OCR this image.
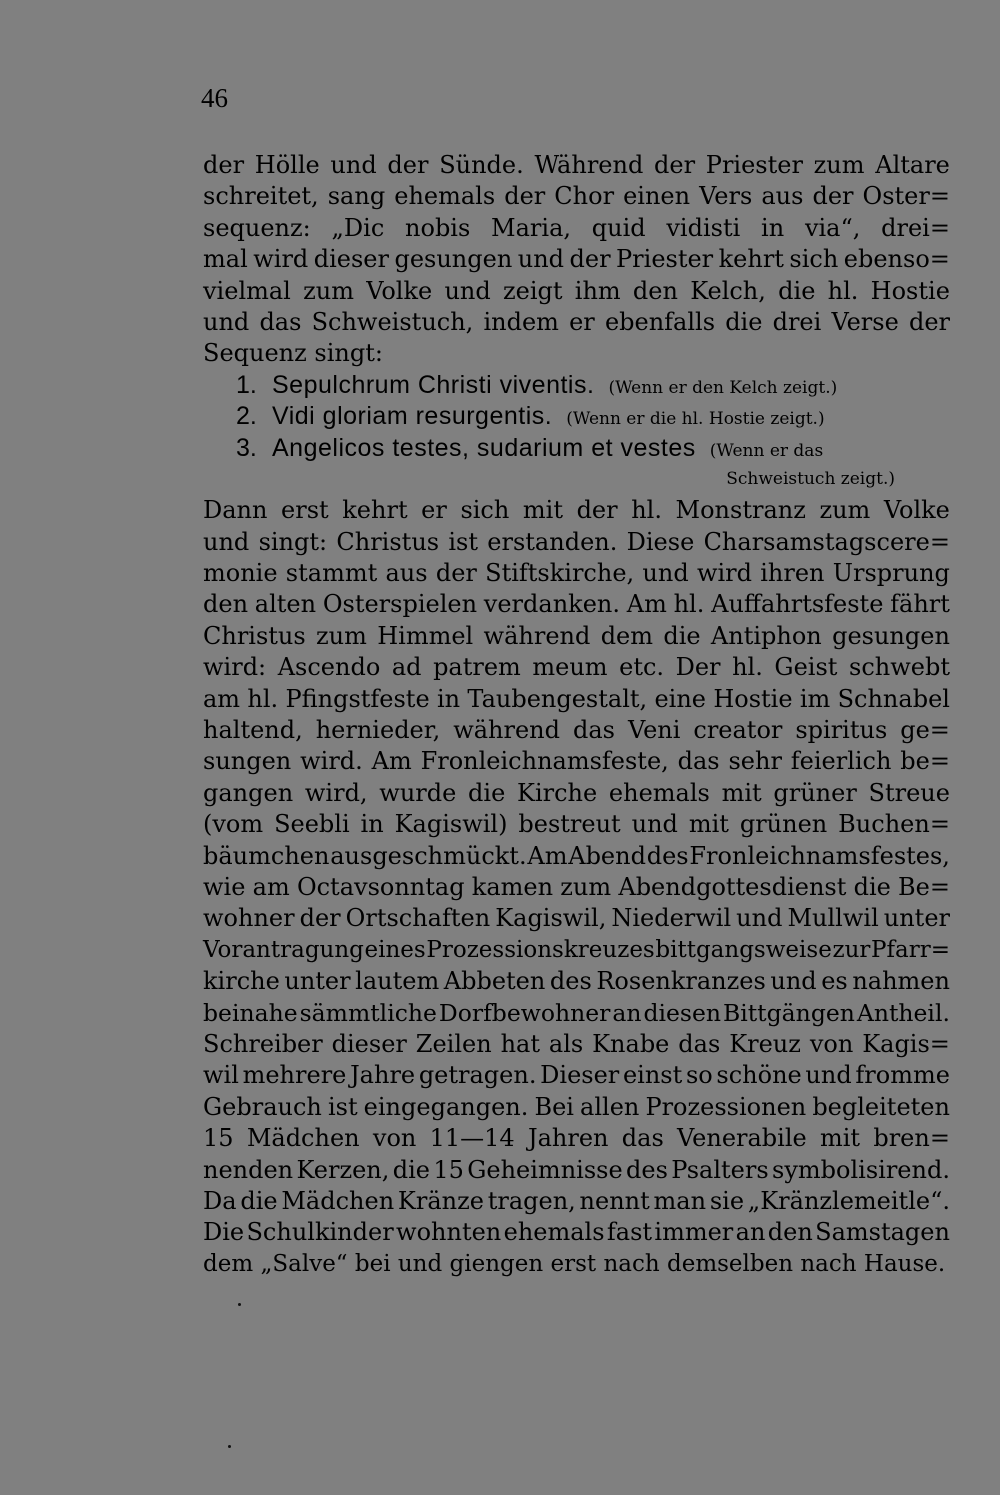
46
der Hölle und der Sünde. Während der Priester zum Altare
schreitet, sang ehemals der Chor einen Vers aus der Oster=
sequenz: „Dic nobis Maria, quid vidisti in via“, drei=
mal wird dieser gesungen und der Priester kehrt sich ebenso=
vielmal zum Volke und zeigt ihm den Kelch, die hl. Hostie
und das Schweistuch, indem er ebenfalls die drei Verse der
Sequenz singt:
1. Sepulchrum Christi viventis. (Wenn er den Kelch zeigt.)
2. Vidi gloriam resurgentis. (Wenn er die hl. Hostie zeigt.)
3. Angelicos testes, sudarium et vestes (Wenn er das
Schweistuch zeigt.)
Dann erst kehrt er sich mit der hl. Monstranz zum Volke
und singt: Christus ist erstanden. Diese Charsamstagscere=
monie stammt aus der Stiftskirche, und wird ihren Ursprung
den alten Osterspielen verdanken. Am hl. Auffahrtsfeste fährt
Christus zum Himmel während dem die Antiphon gesungen
wird: Ascendo ad patrem meum etc. Der hl. Geist schwebt
am hl. Pfingstfeste in Taubengestalt, eine Hostie im Schnabel
haltend, hernieder, während das Veni creator spiritus ge=
sungen wird. Am Fronleichnamsfeste, das sehr feierlich be=
gangen wird, wurde die Kirche ehemals mit grüner Streue
(vom Seebli in Kagiswil) bestreut und mit grünen Buchen=
bäumchen ausgeschmückt. Am Abend des Fronleichnamsfestes,
wie am Octavsonntag kamen zum Abendgottesdienst die Be=
wohner der Ortschaften Kagiswil, Niederwil und Mullwil unter
Vorantragung eines Prozessionskreuzes bittgangsweise zur Pfarr=
kirche unter lautem Abbeten des Rosenkranzes und es nahmen
beinahe sämmtliche Dorfbewohner an diesen Bittgängen Antheil.
Schreiber dieser Zeilen hat als Knabe das Kreuz von Kagis=
wil mehrere Jahre getragen. Dieser einst so schöne und fromme
Gebrauch ist eingegangen. Bei allen Prozessionen begleiteten
15 Mädchen von 11—14 Jahren das Venerabile mit bren=
nenden Kerzen, die 15 Geheimnisse des Psalters symbolisirend.
Da die Mädchen Kränze tragen, nennt man sie „Kränzlemeitle“.
Die Schulkinder wohnten ehemals fast immer an den Samstagen
dem „Salve“ bei und giengen erst nach demselben nach Hause.
